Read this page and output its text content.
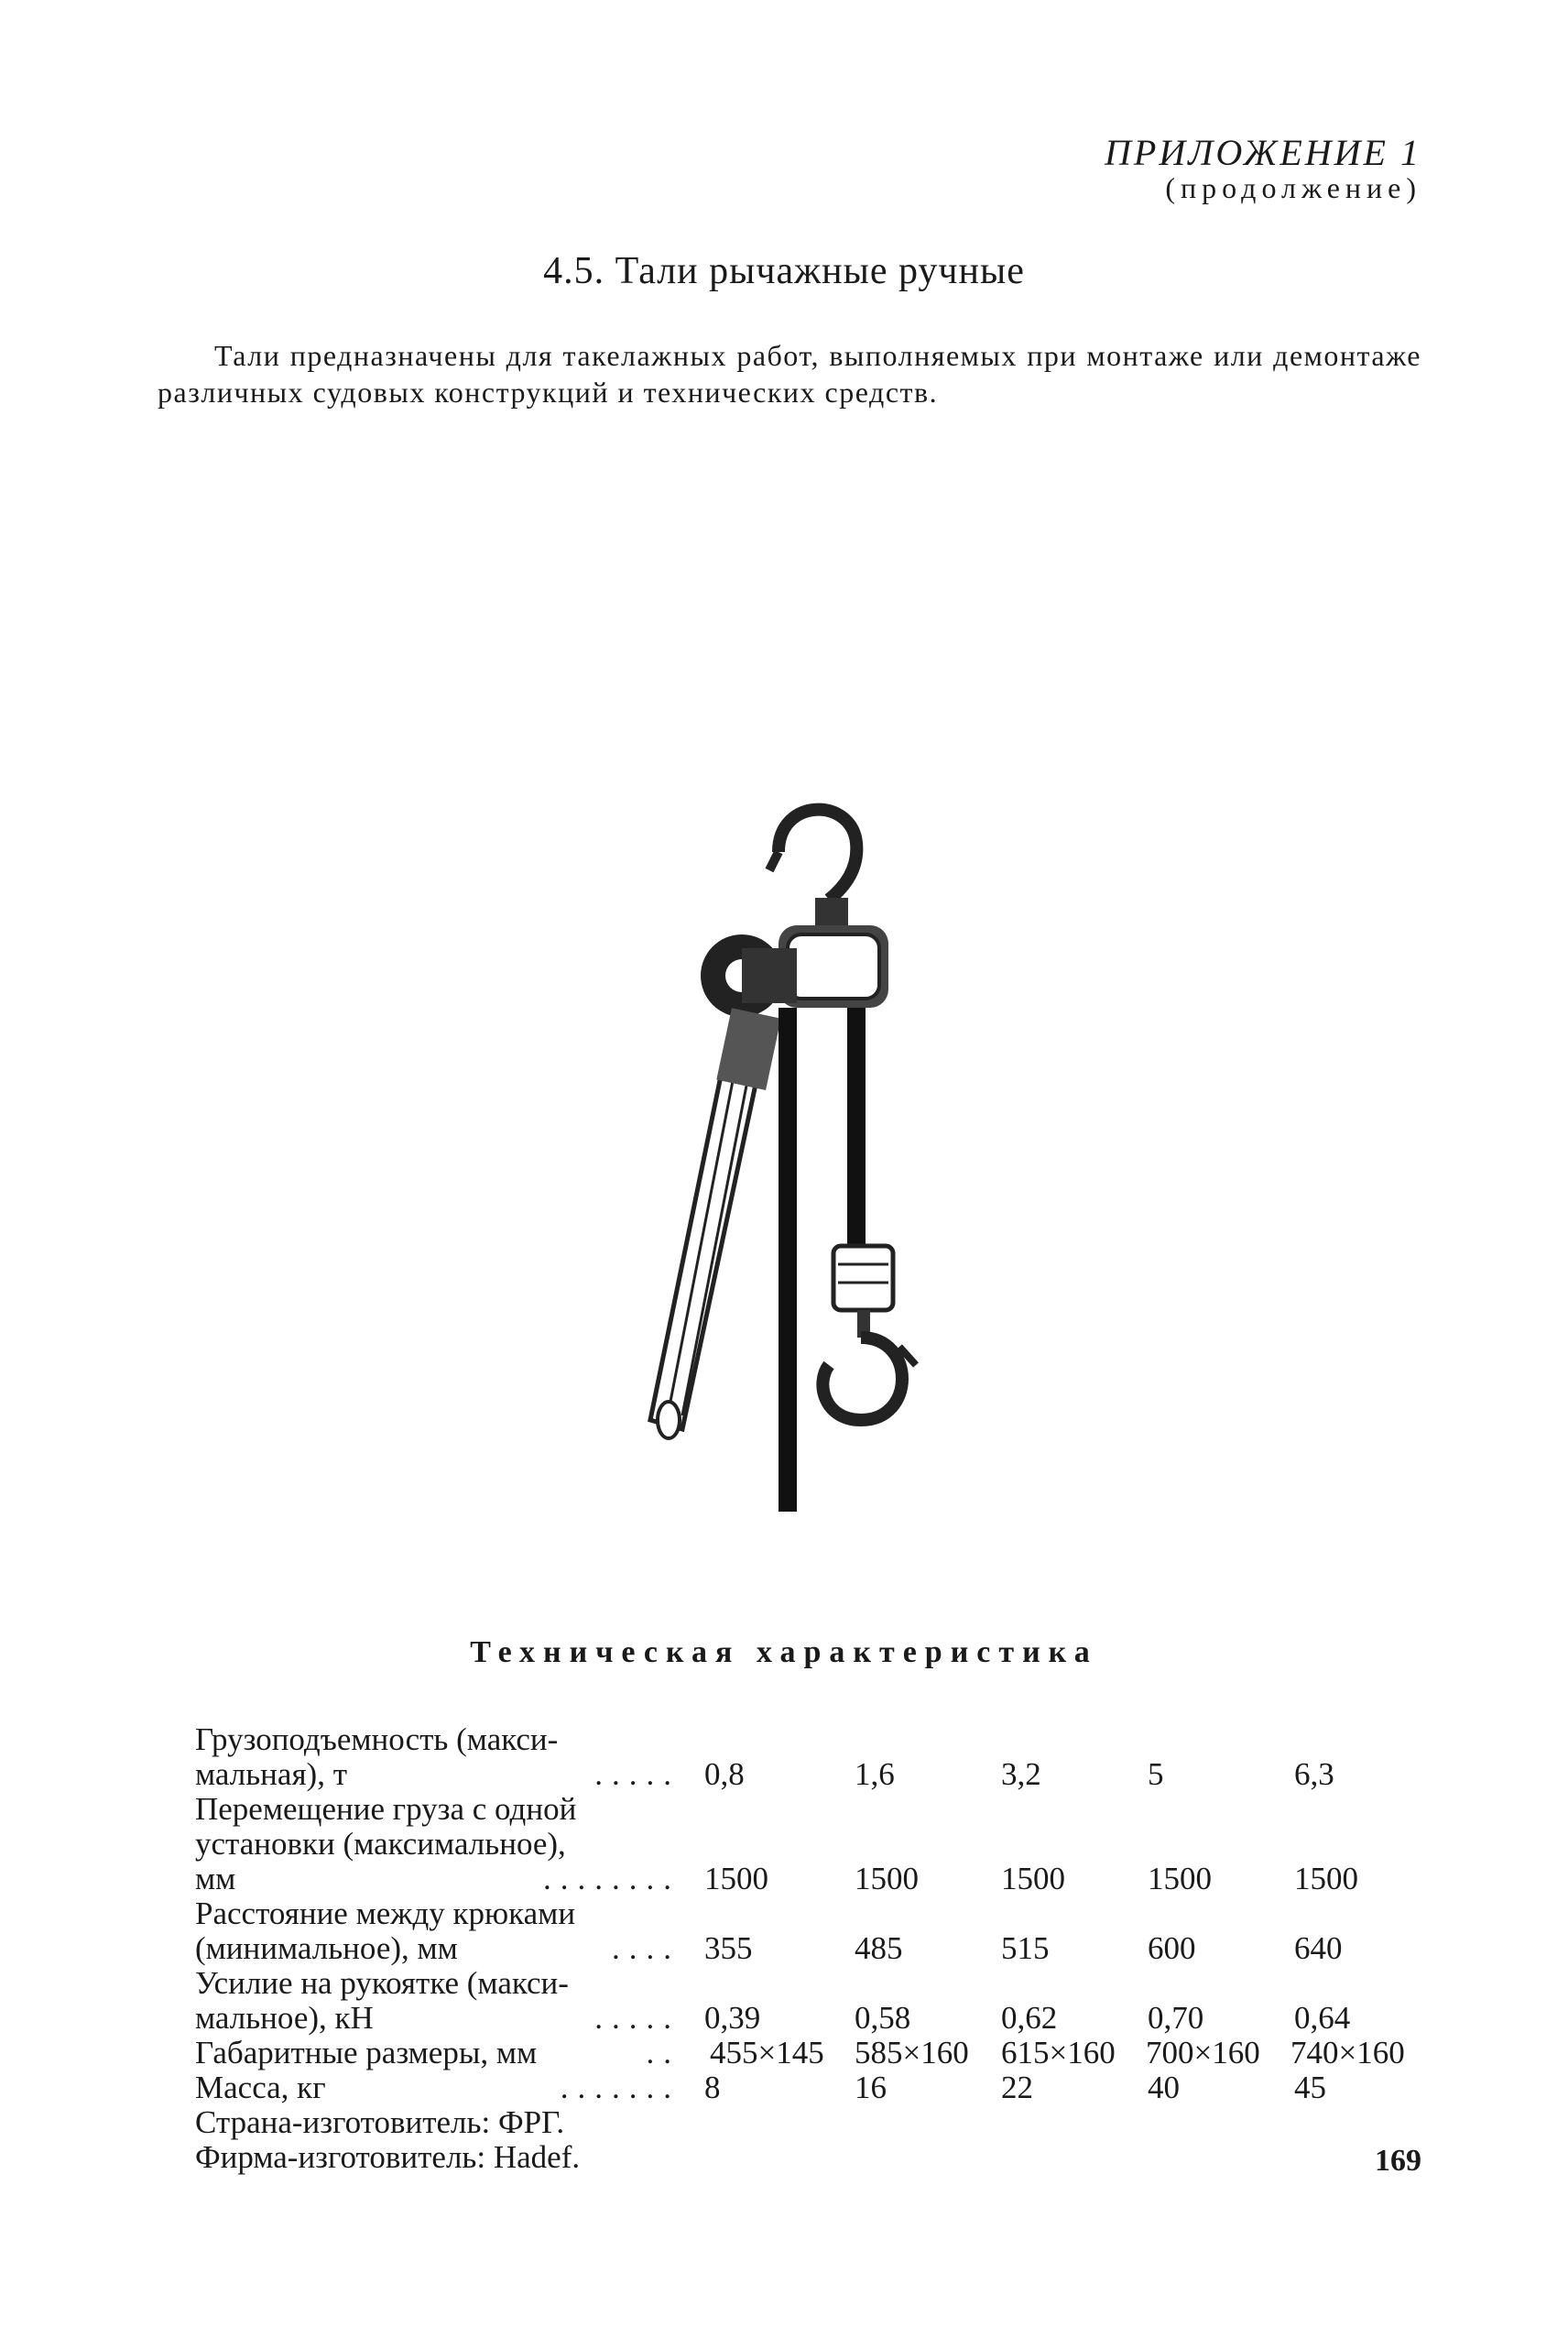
ПРИЛОЖЕНИЕ 1
(продолжение)
4.5. Тали рычажные ручные
Тали предназначены для такелажных работ, выполняемых при монтаже или демонтаже различных судовых конструкций и технических средств.
Техническая характеристика
Грузоподъемность (макси-
мальная), т	..... 0,8	1,6	3,2	5	6,3
Перемещение груза с одной
установки (максимальное),
мм	........ 1500	1500	1500	1500	1500
Расстояние между крюками
(минимальное), мм	.... 355	485	515	600	640
Усилие на рукоятке (макси-
мальное), кН	..... 0,39	0,58	0,62	0,70	0,64
Габаритные размеры, мм	.. 455×145 585×160 615×160 700×160 740×160
Масса, кг	....... 8	16	22	40	45
Страна-изготовитель: ФРГ.
Фирма-изготовитель: Hadef.	169
